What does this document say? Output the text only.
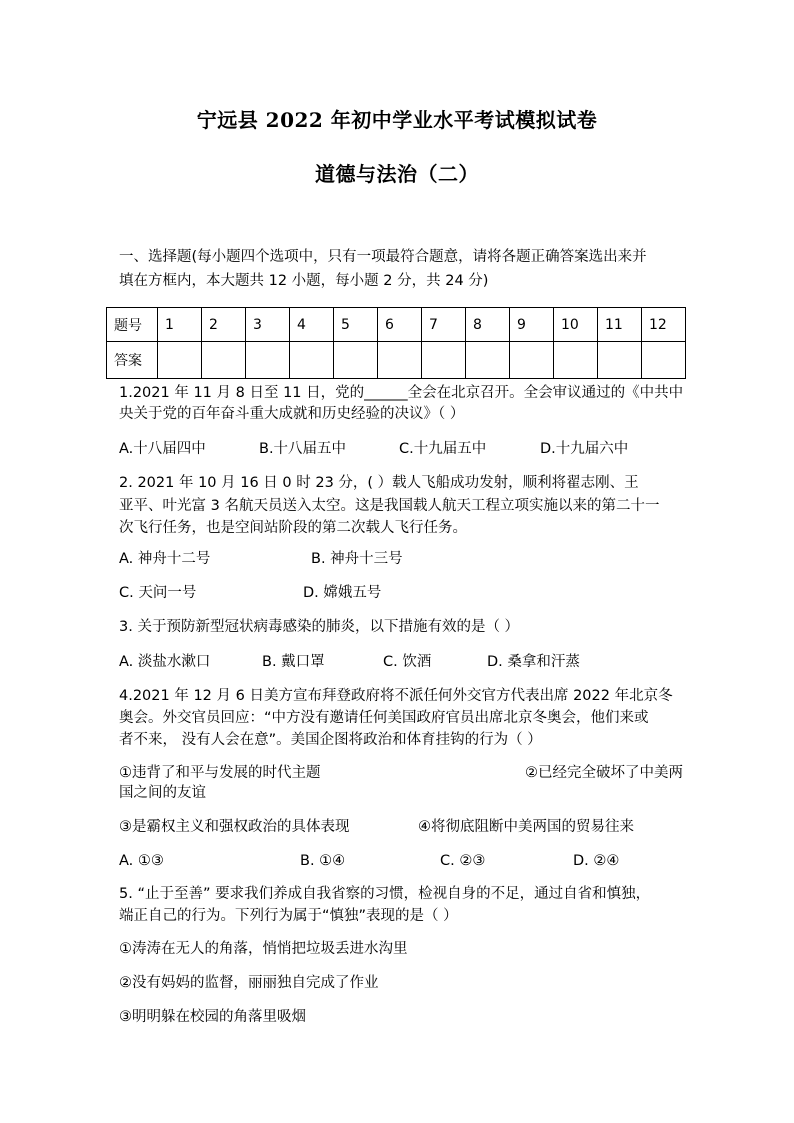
宁远县 2022 年初中学业水平考试模拟试卷
道德与法治（二）
一、选择题(每小题四个选项中，只有一项最符合题意，请将各题正确答案选出来并
填在方框内，本大题共 12 小题，每小题 2 分，共 24 分)
题号	1	2	3	4	5	6	7	8	9	10	11	12
答案												
1.2021 年 11 月 8 日至 11 日，党的______全会在北京召开。全会审议通过的《中共中
央关于党的百年奋斗重大成就和历史经验的决议》（ ）
A.十八届四中	B.十八届五中	C.十九届五中	D.十九届六中
2. 2021 年 10 月 16 日 0 时 23 分，( ）载人飞船成功发射，顺利将翟志刚、王
亚平、叶光富 3 名航天员送入太空。这是我国载人航天工程立项实施以来的第二十一
次飞行任务，也是空间站阶段的第二次载人飞行任务。
A. 神舟十二号	B. 神舟十三号
C. 天问一号	D. 嫦娥五号
3. 关于预防新型冠状病毒感染的肺炎，以下措施有效的是（ ）
A. 淡盐水漱口	B. 戴口罩	C. 饮酒	D. 桑拿和汗蒸
4.2021 年 12 月 6 日美方宣布拜登政府将不派任何外交官方代表出席 2022 年北京冬
奥会。外交官员回应：“中方没有邀请任何美国政府官员出席北京冬奥会，他们来或
者不来， 没有人会在意”。美国企图将政治和体育挂钩的行为（ ）
①违背了和平与发展的时代主题	②已经完全破坏了中美两
国之间的友谊
③是霸权主义和强权政治的具体表现	④将彻底阻断中美两国的贸易往来
A. ①③	B. ①④	C. ②③	D. ②④
5. “止于至善” 要求我们养成自我省察的习惯，检视自身的不足，通过自省和慎独，
端正自己的行为。下列行为属于“慎独”表现的是（ ）
①涛涛在无人的角落，悄悄把垃圾丢进水沟里
②没有妈妈的监督，丽丽独自完成了作业
③明明躲在校园的角落里吸烟
